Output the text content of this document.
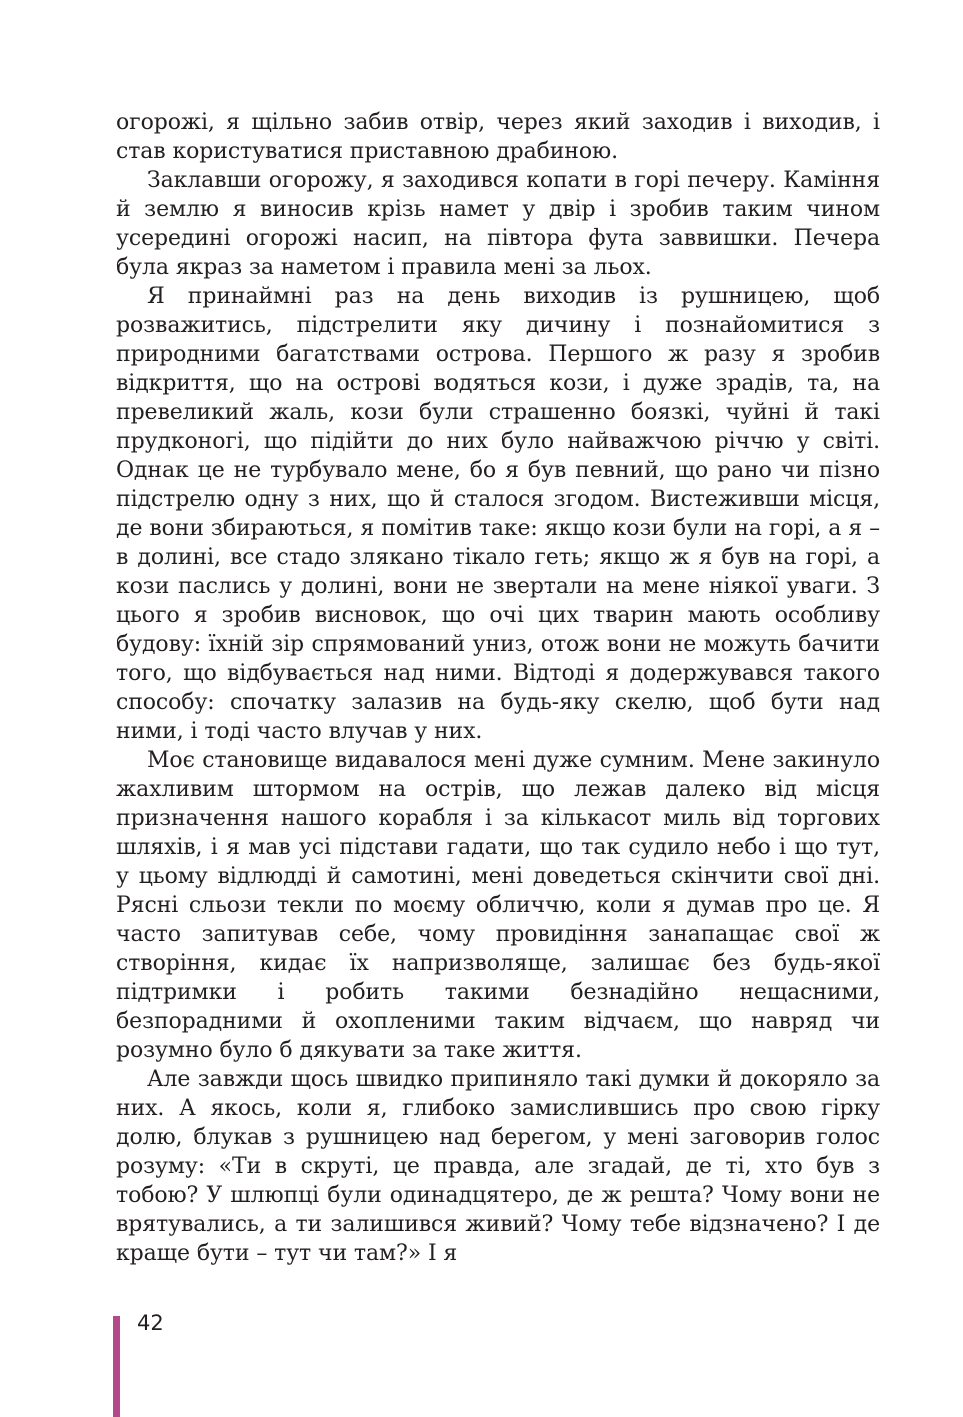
огорожі, я щільно забив отвір, через який заходив і виходив, і став користуватися приставною драбиною.

Заклавши огорожу, я заходився копати в горі печеру. Каміння й землю я виносив крізь намет у двір і зробив таким чином усередині огорожі насип, на півтора фута заввишки. Печера була якраз за наметом і правила мені за льох.

Я принаймні раз на день виходив із рушницею, щоб розважитись, підстрелити яку дичину і познайомитися з природними багатствами острова. Першого ж разу я зробив відкриття, що на острові водяться кози, і дуже зрадів, та, на превеликий жаль, кози були страшенно боязкі, чуйні й такі прудконогі, що підійти до них було найважчою річчю у світі. Однак це не турбувало мене, бо я був певний, що рано чи пізно підстрелю одну з них, що й сталося згодом. Вистеживши місця, де вони збираються, я помітив таке: якщо кози були на горі, а я – в долині, все стадо злякано тікало геть; якщо ж я був на горі, а кози паслись у долині, вони не звертали на мене ніякої уваги. З цього я зробив висновок, що очі цих тварин мають особливу будову: їхній зір спрямований униз, отож вони не можуть бачити того, що відбувається над ними. Відтоді я додержувався такого способу: спочатку залазив на будь-яку скелю, щоб бути над ними, і тоді часто влучав у них.

Моє становище видавалося мені дуже сумним. Мене закинуло жахливим штормом на острів, що лежав далеко від місця призначення нашого корабля і за кількасот миль від торгових шляхів, і я мав усі підстави гадати, що так судило небо і що тут, у цьому відлюдді й самотині, мені доведеться скінчити свої дні. Рясні сльози текли по моєму обличчю, коли я думав про це. Я часто запитував себе, чому провидіння занапащає свої ж створіння, кидає їх напризволяще, залишає без будь-якої підтримки і робить такими безнадійно нещасними, безпорадними й охопленими таким відчаєм, що навряд чи розумно було б дякувати за таке життя.

Але завжди щось швидко припиняло такі думки й докоряло за них. А якось, коли я, глибоко замислившись про свою гірку долю, блукав з рушницею над берегом, у мені заговорив голос розуму: «Ти в скруті, це правда, але згадай, де ті, хто був з тобою? У шлюпці були одинадцятеро, де ж решта? Чому вони не врятувались, а ти залишився живий? Чому тебе відзначено? І де краще бути – тут чи там?» І я

42
